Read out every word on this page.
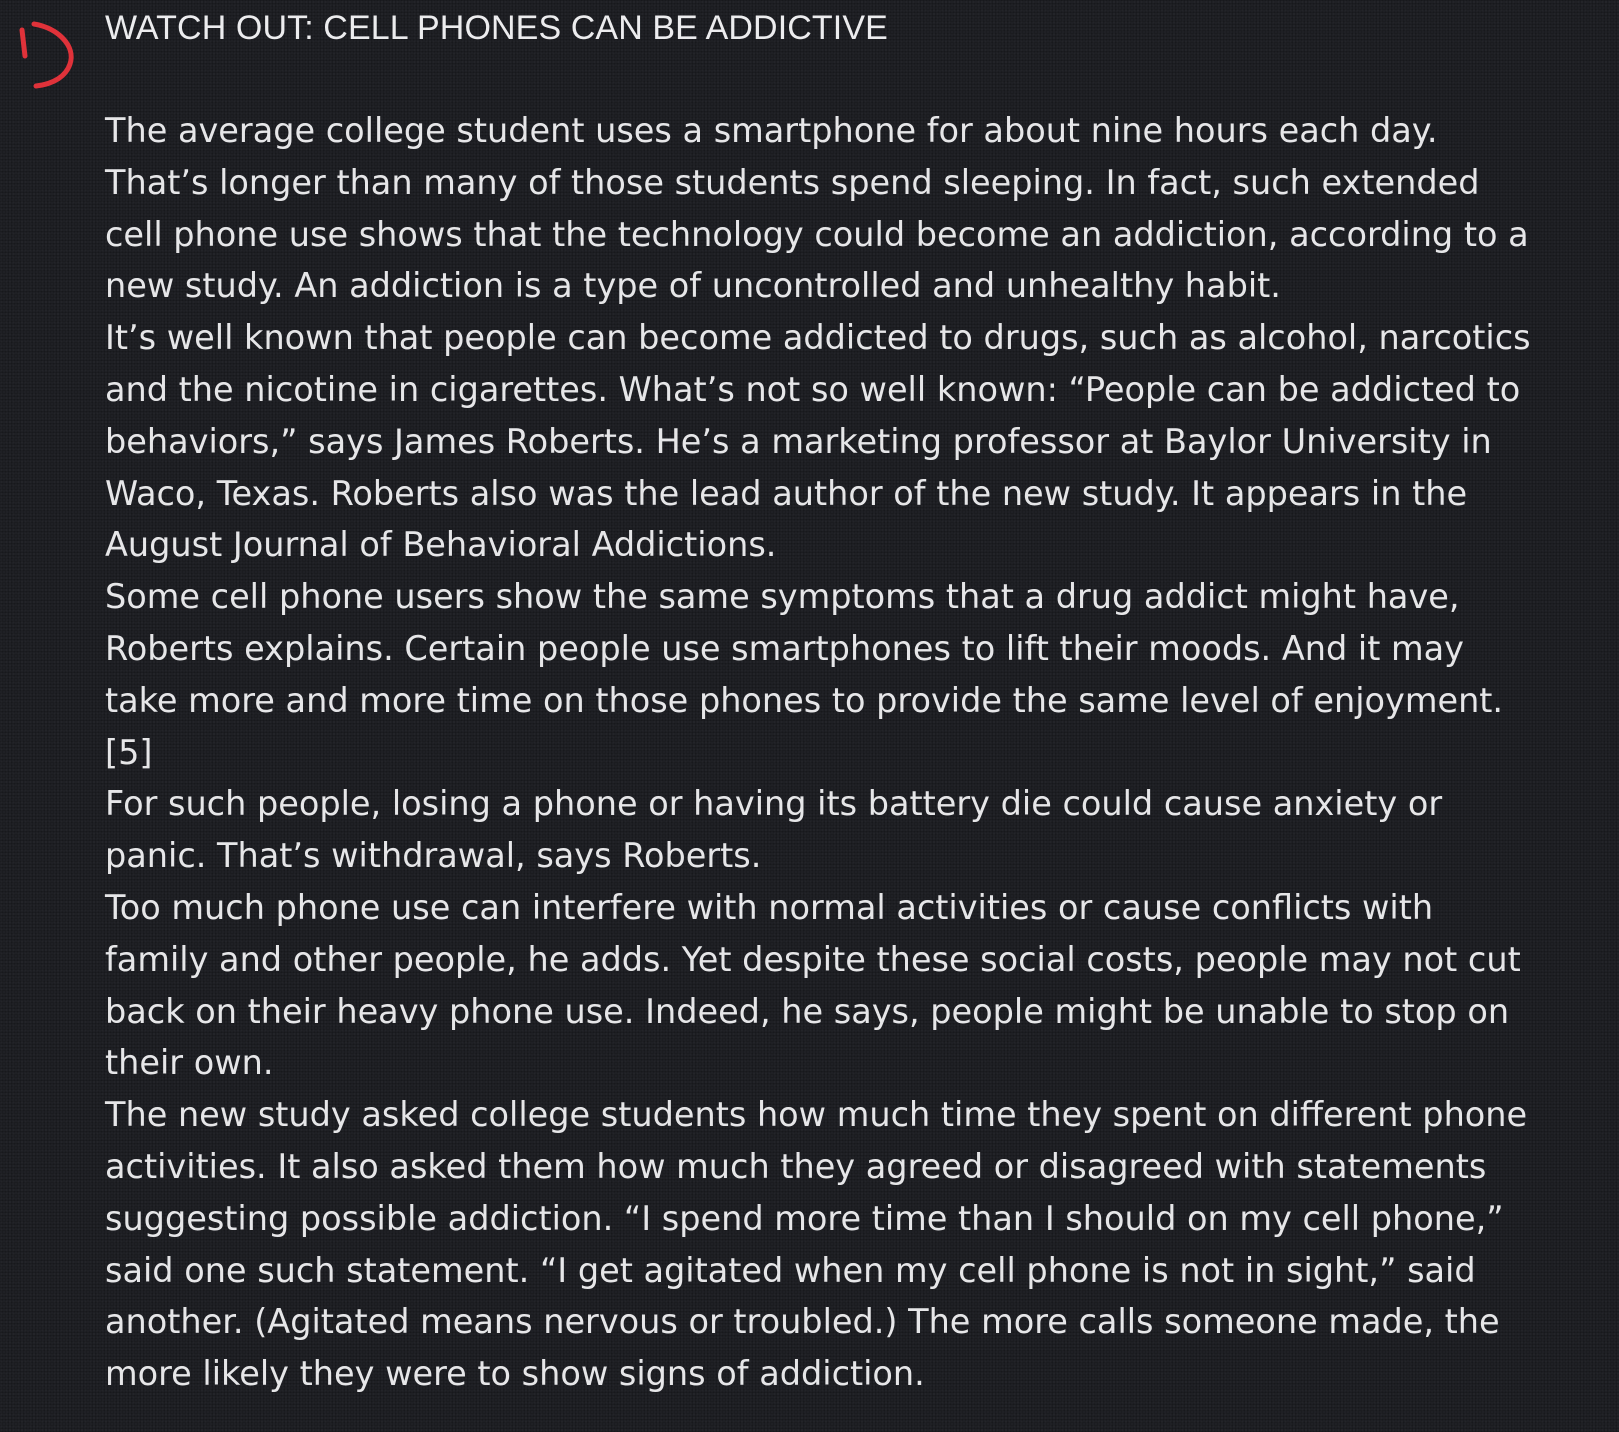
WATCH OUT: CELL PHONES CAN BE ADDICTIVE
The average college student uses a smartphone for about nine hours each day.
That’s longer than many of those students spend sleeping. In fact, such extended
cell phone use shows that the technology could become an addiction, according to a
new study. An addiction is a type of uncontrolled and unhealthy habit.
It’s well known that people can become addicted to drugs, such as alcohol, narcotics
and the nicotine in cigarettes. What’s not so well known: “People can be addicted to
behaviors,” says James Roberts. He’s a marketing professor at Baylor University in
Waco, Texas. Roberts also was the lead author of the new study. It appears in the
August Journal of Behavioral Addictions.
Some cell phone users show the same symptoms that a drug addict might have,
Roberts explains. Certain people use smartphones to lift their moods. And it may
take more and more time on those phones to provide the same level of enjoyment.
[5]
For such people, losing a phone or having its battery die could cause anxiety or
panic. That’s withdrawal, says Roberts.
Too much phone use can interfere with normal activities or cause conflicts with
family and other people, he adds. Yet despite these social costs, people may not cut
back on their heavy phone use. Indeed, he says, people might be unable to stop on
their own.
The new study asked college students how much time they spent on different phone
activities. It also asked them how much they agreed or disagreed with statements
suggesting possible addiction. “I spend more time than I should on my cell phone,”
said one such statement. “I get agitated when my cell phone is not in sight,” said
another. (Agitated means nervous or troubled.) The more calls someone made, the
more likely they were to show signs of addiction.
